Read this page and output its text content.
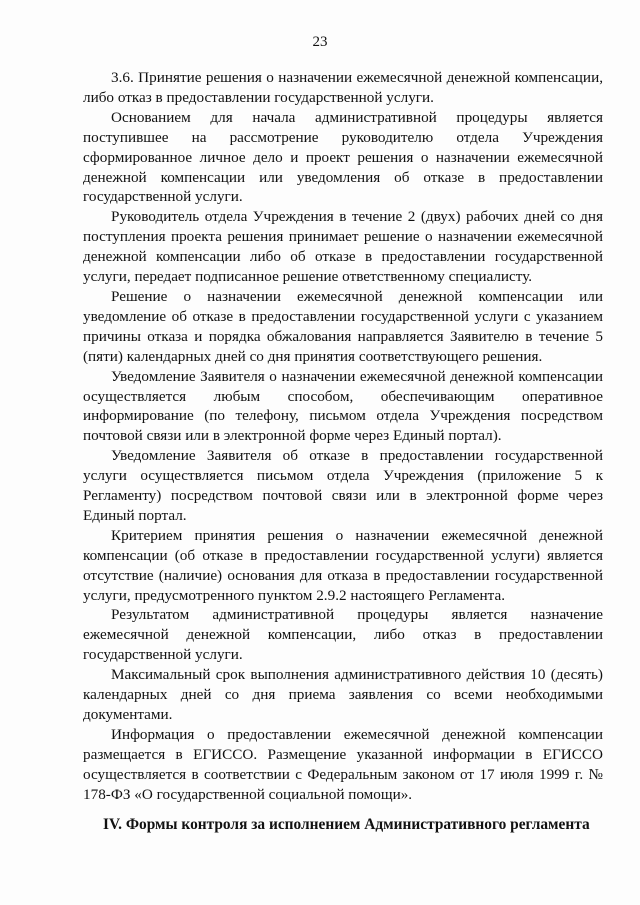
23

3.6. Принятие решения о назначении ежемесячной денежной компенсации, либо отказ в предоставлении государственной услуги.

Основанием для начала административной процедуры является поступившее на рассмотрение руководителю отдела Учреждения сформированное личное дело и проект решения о назначении ежемесячной денежной компенсации или уведомления об отказе в предоставлении государственной услуги.

Руководитель отдела Учреждения в течение 2 (двух) рабочих дней со дня поступления проекта решения принимает решение о назначении ежемесячной денежной компенсации либо об отказе в предоставлении государственной услуги, передает подписанное решение ответственному специалисту.

Решение о назначении ежемесячной денежной компенсации или уведомление об отказе в предоставлении государственной услуги с указанием причины отказа и порядка обжалования направляется Заявителю в течение 5 (пяти) календарных дней со дня принятия соответствующего решения.

Уведомление Заявителя о назначении ежемесячной денежной компенсации осуществляется любым способом, обеспечивающим оперативное информирование (по телефону, письмом отдела Учреждения посредством почтовой связи или в электронной форме через Единый портал).

Уведомление Заявителя об отказе в предоставлении государственной услуги осуществляется письмом отдела Учреждения (приложение 5 к Регламенту) посредством почтовой связи или в электронной форме через Единый портал.

Критерием принятия решения о назначении ежемесячной денежной компенсации (об отказе в предоставлении государственной услуги) является отсутствие (наличие) основания для отказа в предоставлении государственной услуги, предусмотренного пунктом 2.9.2 настоящего Регламента.

Результатом административной процедуры является назначение ежемесячной денежной компенсации, либо отказ в предоставлении государственной услуги.

Максимальный срок выполнения административного действия 10 (десять) календарных дней со дня приема заявления со всеми необходимыми документами.

Информация о предоставлении ежемесячной денежной компенсации размещается в ЕГИССО. Размещение указанной информации в ЕГИССО осуществляется в соответствии с Федеральным законом от 17 июля 1999 г. № 178-ФЗ «О государственной социальной помощи».

IV. Формы контроля за исполнением Административного регламента
